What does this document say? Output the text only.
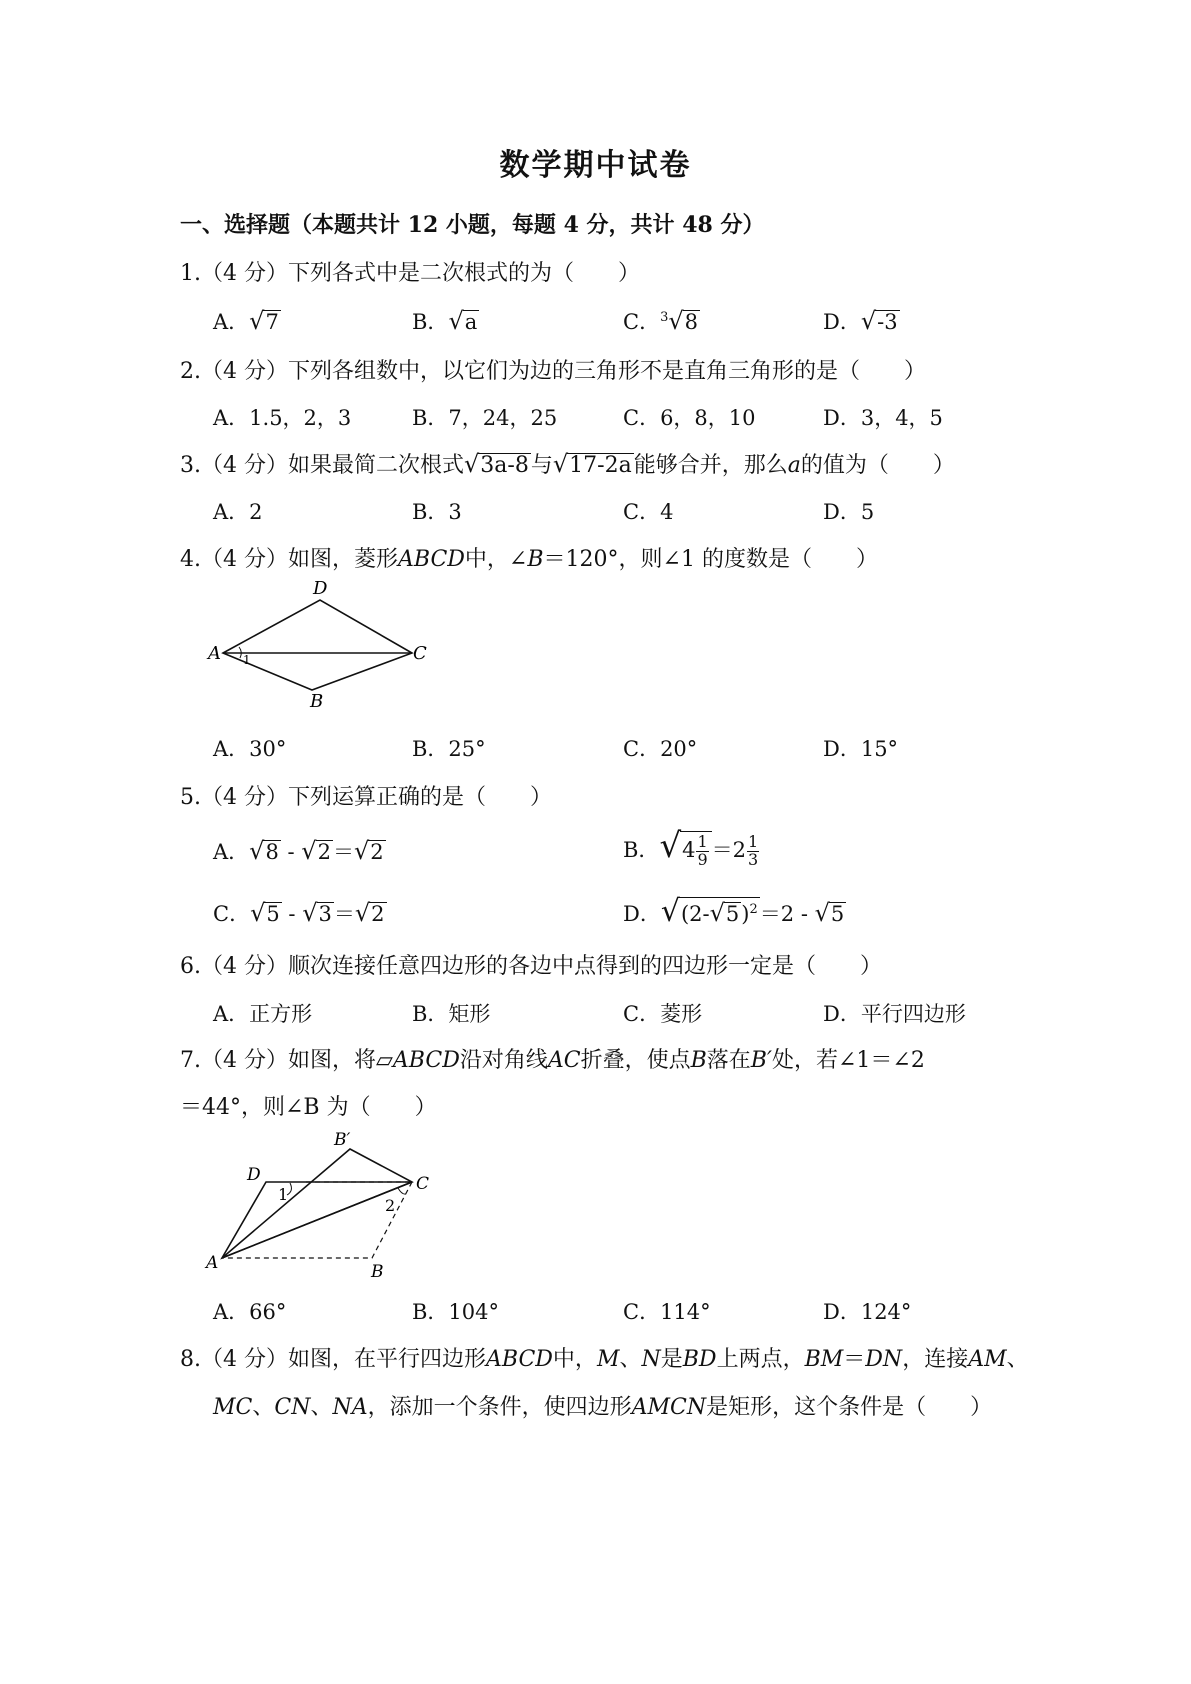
数学期中试卷
一、选择题（本题共计 12 小题，每题 4 分，共计 48 分）
1.（4 分）下列各式中是二次根式的为（　　）
A．√7	B．√a	C．$^3$√8	D．√-3
2.（4 分）下列各组数中，以它们为边的三角形不是直角三角形的是（　　）
A．1.5，2，3	B．7，24，25	C．6，8，10	D．3，4，5
3.（4 分）如果最简二次根式√3a-8与√17-2a能够合并，那么a的值为（　　）
A．2	B．3	C．4	D．5
4.（4 分）如图，菱形ABCD中，∠B＝120°，则∠1 的度数是（　　）
A
D
C
B
1
A．30°	B．25°	C．20°	D．15°
5.（4 分）下列运算正确的是（　　）
A．√8 - √2＝√2	B．$√4 \frac{1}{9} =2 \frac{1}{3}$
C．√5 - √3＝√2	D．$√(2-√5)^2=2 - √5$
6.（4 分）顺次连接任意四边形的各边中点得到的四边形一定是（　　）
A．正方形	B．矩形	C．菱形	D．平行四边形
7.（4 分）如图，将▱ABCD沿对角线AC折叠，使点B落在B′处，若∠1＝∠2
＝44°，则∠B 为（　　）
A
D
B′
C
B
1
2
A．66°	B．104°	C．114°	D．124°
8.（4 分）如图，在平行四边形ABCD中，M、N是BD上两点，BM＝DN，连接AM、
MC、CN、NA，添加一个条件，使四边形AMCN是矩形，这个条件是（　　）
